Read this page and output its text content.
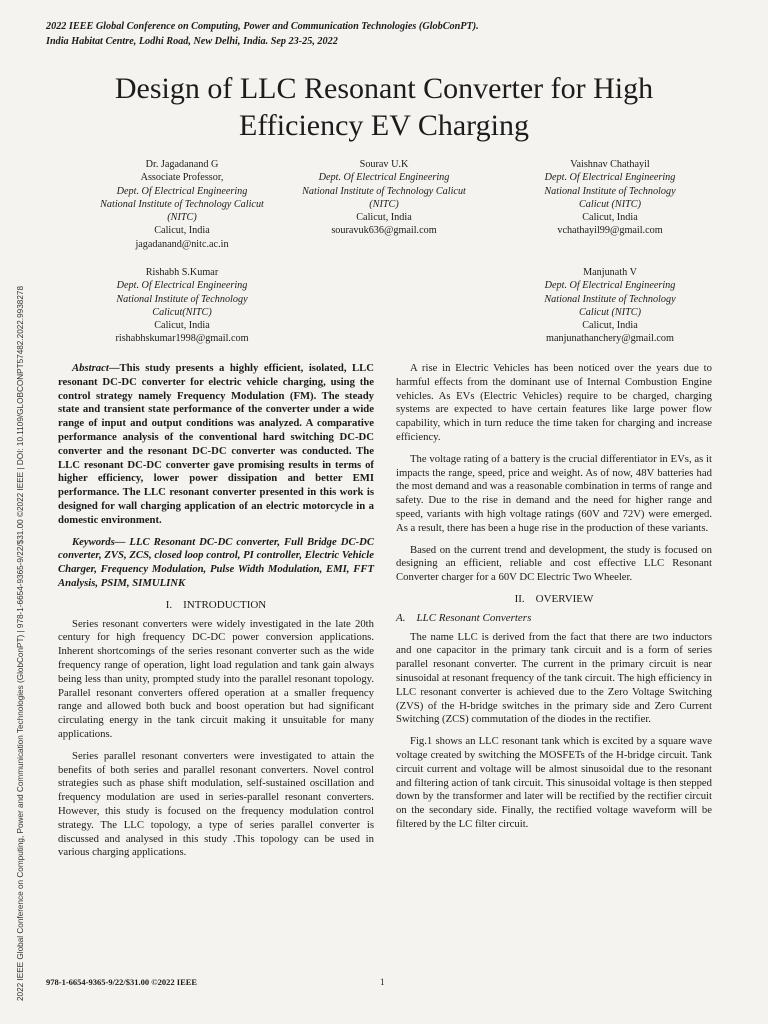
2022 IEEE Global Conference on Computing, Power and Communication Technologies (GlobConPT).
India Habitat Centre, Lodhi Road, New Delhi, India. Sep 23-25, 2022
Design of LLC Resonant Converter for High
Efficiency EV Charging
2022 IEEE Global Conference on Computing, Power and Communication Technologies (GlobConPT) | 978-1-6654-9365-9/22/$31.00 ©2022 IEEE | DOI: 10.1109/GLOBCONPT57482.2022.9938278
Dr. Jagadanand G
Associate Professor,
Dept. Of Electrical Engineering
National Institute of Technology Calicut
(NITC)
Calicut, India
jagadanand@nitc.ac.in
Sourav U.K
Dept. Of Electrical Engineering
National Institute of Technology Calicut
(NITC)
Calicut, India
souravuk636@gmail.com
Vaishnav Chathayil
Dept. Of Electrical Engineering
National Institute of Technology
Calicut (NITC)
Calicut, India
vchathayil99@gmail.com
Rishabh S.Kumar
Dept. Of Electrical Engineering
National Institute of Technology
Calicut(NITC)
Calicut, India
rishabhskumar1998@gmail.com
Manjunath V
Dept. Of Electrical Engineering
National Institute of Technology
Calicut (NITC)
Calicut, India
manjunathanchery@gmail.com

Abstract—This study presents a highly efficient, isolated, LLC resonant DC-DC converter for electric vehicle charging, using the control strategy namely Frequency Modulation (FM). The steady state and transient state performance of the converter under a wide range of input and output conditions was analyzed. A comparative performance analysis of the conventional hard switching DC-DC converter and the resonant DC-DC converter was conducted. The LLC resonant DC-DC converter gave promising results in terms of higher efficiency, lower power dissipation and better EMI performance. The LLC resonant converter presented in this work is designed for wall charging application of an electric motorcycle in a domestic environment.

Keywords— LLC Resonant DC-DC converter, Full Bridge DC-DC converter, ZVS, ZCS, closed loop control, PI controller, Electric Vehicle Charger, Frequency Modulation, Pulse Width Modulation, EMI, FFT Analysis, PSIM, SIMULINK

I. INTRODUCTION

Series resonant converters were widely investigated in the late 20th century for high frequency DC-DC power conversion applications. Inherent shortcomings of the series resonant converter such as the wide frequency range of operation, light load regulation and tank gain always being less than unity, prompted study into the parallel resonant topology. Parallel resonant converters offered operation at a smaller frequency range and allowed both buck and boost operation but had significant circulating energy in the tank circuit making it unsuitable for many applications.

Series parallel resonant converters were investigated to attain the benefits of both series and parallel resonant converters. Novel control strategies such as phase shift modulation, self-sustained oscillation and frequency modulation are used in series-parallel resonant converters. However, this study is focused on the frequency modulation control strategy. The LLC topology, a type of series parallel converter is discussed and analysed in this study .This topology can be used in various charging applications.

A rise in Electric Vehicles has been noticed over the years due to harmful effects from the dominant use of Internal Combustion Engine vehicles. As EVs (Electric Vehicles) require to be charged, charging systems are expected to have certain features like large power flow capability, which in turn reduce the time taken for charging and increase efficiency.

The voltage rating of a battery is the crucial differentiator in EVs, as it impacts the range, speed, price and weight. As of now, 48V batteries had the most demand and was a reasonable combination in terms of range and safety. Due to the rise in demand and the need for higher range and speed, variants with high voltage ratings (60V and 72V) were emerged. As a result, there has been a huge rise in the production of these variants.

Based on the current trend and development, the study is focused on designing an efficient, reliable and cost effective LLC Resonant Converter charger for a 60V DC Electric Two Wheeler.

II. OVERVIEW
A. LLC Resonant Converters

The name LLC is derived from the fact that there are two inductors and one capacitor in the primary tank circuit and is a form of series parallel resonant converter. The current in the primary circuit is near sinusoidal at resonant frequency of the tank circuit. The high efficiency in LLC resonant converter is achieved due to the Zero Voltage Switching (ZVS) of the H-bridge switches in the primary side and Zero Current Switching (ZCS) commutation of the diodes in the rectifier.

Fig.1 shows an LLC resonant tank which is excited by a square wave voltage created by switching the MOSFETs of the H-bridge circuit. Tank circuit current and voltage will be almost sinusoidal due to the resonant and filtering action of tank circuit. This sinusoidal voltage is then stepped down by the transformer and later will be rectified by the rectifier circuit on the secondary side. Finally, the rectified voltage waveform will be filtered by the LC filter circuit.

978-1-6654-9365-9/22/$31.00 ©2022 IEEE	1
